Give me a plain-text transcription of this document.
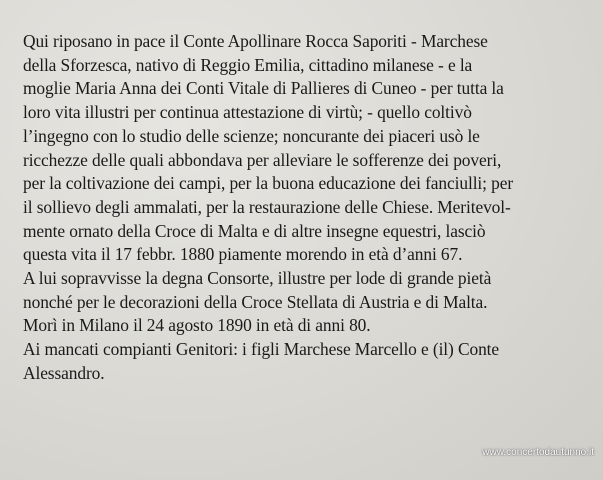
Qui riposano in pace il Conte Apollinare Rocca Saporiti - Marchese
della Sforzesca, nativo di Reggio Emilia, cittadino milanese - e la
moglie Maria Anna dei Conti Vitale di Pallieres di Cuneo - per tutta la
loro vita illustri per continua attestazione di virtù; - quello coltivò
l’ingegno con lo studio delle scienze; noncurante dei piaceri usò le
ricchezze delle quali abbondava per alleviare le sofferenze dei poveri,
per la coltivazione dei campi, per la buona educazione dei fanciulli; per
il sollievo degli ammalati, per la restaurazione delle Chiese. Meritevol-
mente ornato della Croce di Malta e di altre insegne equestri, lasciò
questa vita il 17 febbr. 1880 piamente morendo in età d’anni 67.
A lui sopravvisse la degna Consorte, illustre per lode di grande pietà
nonché per le decorazioni della Croce Stellata di Austria e di Malta.
Morì in Milano il 24 agosto 1890 in età di anni 80.
Ai mancati compianti Genitori: i figli Marchese Marcello e (il) Conte
Alessandro.
www.concertodautunno.it
